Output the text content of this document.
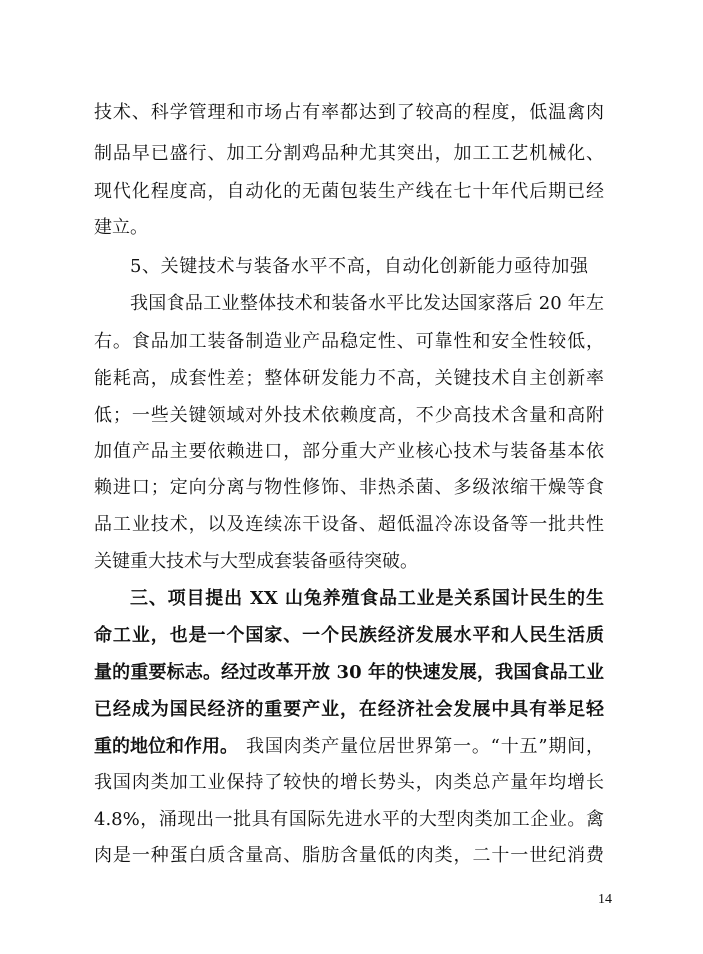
技术、科学管理和市场占有率都达到了较高的程度，低温禽肉
制品早已盛行、加工分割鸡品种尤其突出，加工工艺机械化、
现代化程度高，自动化的无菌包装生产线在七十年代后期已经
建立。
5、关键技术与装备水平不高，自动化创新能力亟待加强
我国食品工业整体技术和装备水平比发达国家落后 20 年左
右。食品加工装备制造业产品稳定性、可靠性和安全性较低，
能耗高，成套性差；整体研发能力不高，关键技术自主创新率
低；一些关键领域对外技术依赖度高，不少高技术含量和高附
加值产品主要依赖进口，部分重大产业核心技术与装备基本依
赖进口；定向分离与物性修饰、非热杀菌、多级浓缩干燥等食
品工业技术，以及连续冻干设备、超低温冷冻设备等一批共性
关键重大技术与大型成套装备亟待突破。
三、项目提出 XX 山兔养殖食品工业是关系国计民生的生
命工业，也是一个国家、一个民族经济发展水平和人民生活质
量的重要标志。经过改革开放 30 年的快速发展，我国食品工业
已经成为国民经济的重要产业，在经济社会发展中具有举足轻
重的地位和作用。 我国肉类产量位居世界第一。“十五”期间，
我国肉类加工业保持了较快的增长势头，肉类总产量年均增长
4.8%，涌现出一批具有国际先进水平的大型肉类加工企业。禽
肉是一种蛋白质含量高、脂肪含量低的肉类，二十一世纪消费
14
